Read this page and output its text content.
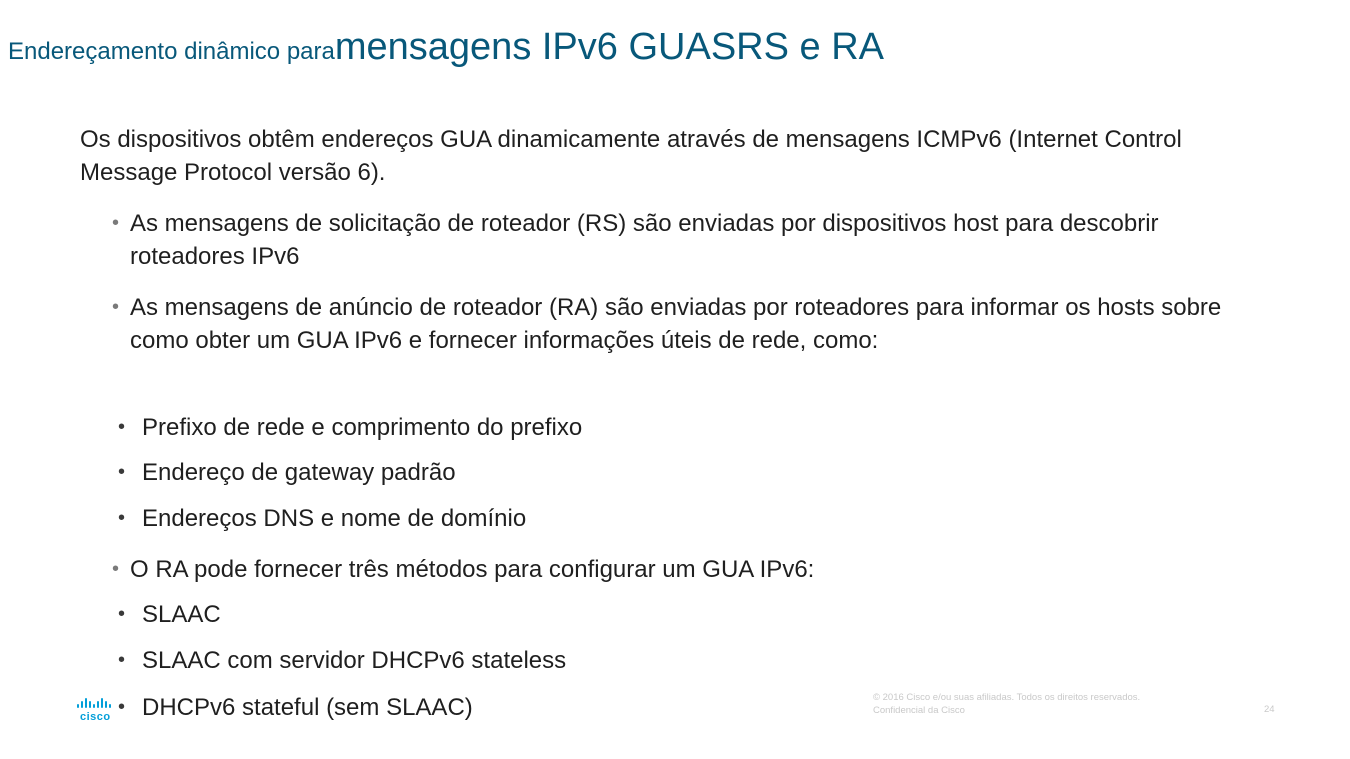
Endereçamento dinâmico paramensagens IPv6 GUASRS e RA
Os dispositivos obtêm endereços GUA dinamicamente através de mensagens ICMPv6 (Internet Control Message Protocol versão 6).
• As mensagens de solicitação de roteador (RS) são enviadas por dispositivos host para descobrir roteadores IPv6
• As mensagens de anúncio de roteador (RA) são enviadas por roteadores para informar os hosts sobre como obter um GUA IPv6 e fornecer informações úteis de rede, como:
• Prefixo de rede e comprimento do prefixo
• Endereço de gateway padrão
• Endereços DNS e nome de domínio
• O RA pode fornecer três métodos para configurar um GUA IPv6:
• SLAAC
• SLAAC com servidor DHCPv6 stateless
• DHCPv6 stateful (sem SLAAC)
cisco
© 2016 Cisco e/ou suas afiliadas. Todos os direitos reservados.
Confidencial da Cisco	24
